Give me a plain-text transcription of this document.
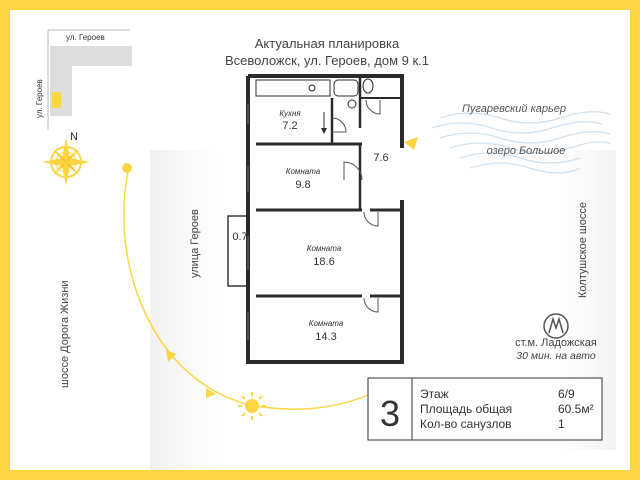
ул. Героев
ул. Героев
N
шоссе Дорога Жизни
улица Героев	Колтушское шоссе
Актуальная планировка
Всеволожск, ул. Героев, дом 9 к.1
Пугаревский карьер
озеро Большое
ст.м. Ладожская
30 мин. на авто
Кухня
7.2
7.6
Комната
9.8
0.7
Комната
18.6
Комната
14.3
3 Этаж	6/9
Площадь общая	60.5м²
Кол-во санузлов	1
